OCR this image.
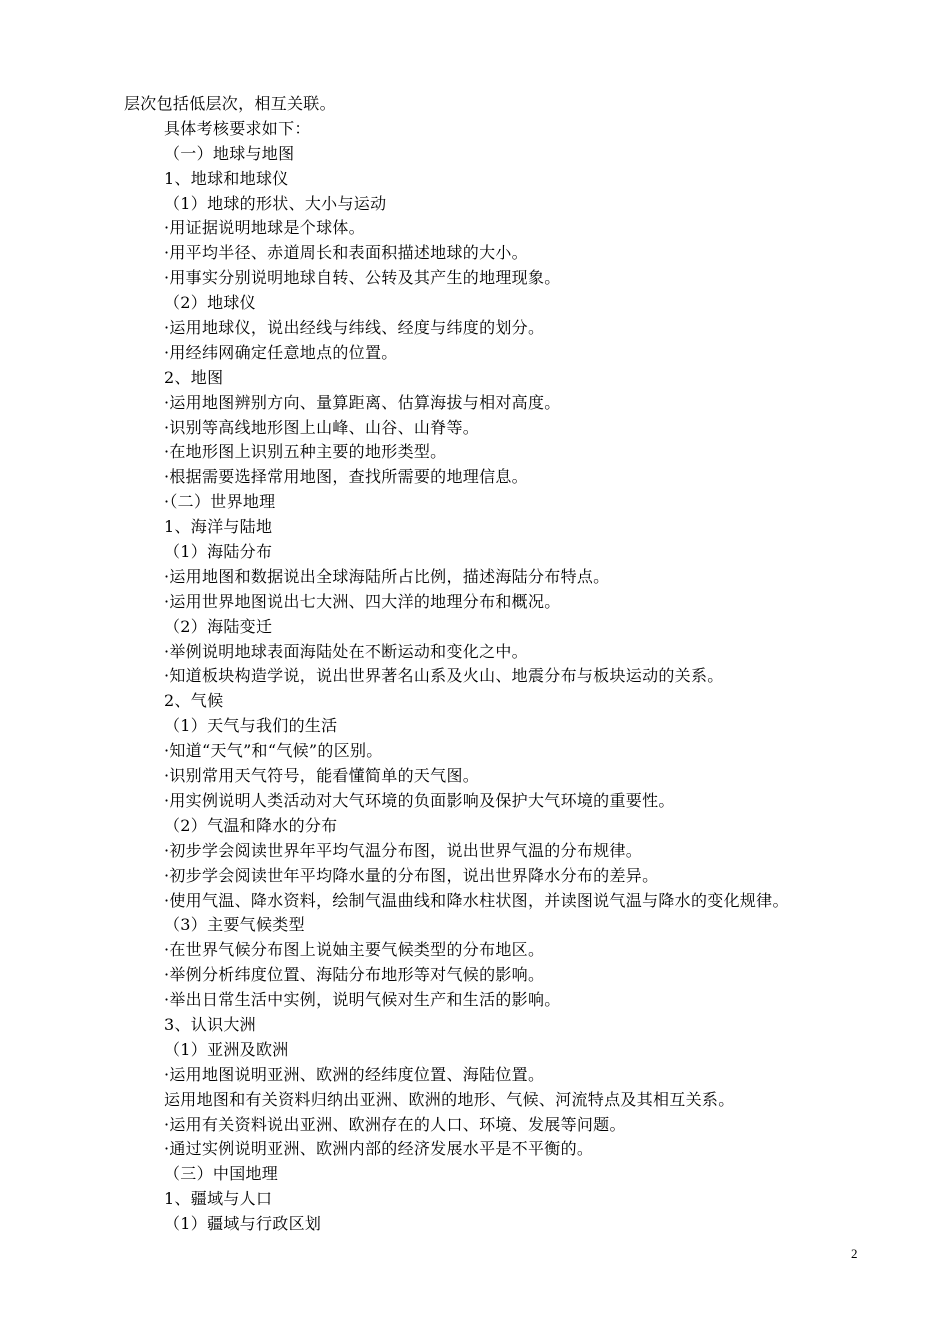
层次包括低层次，相互关联。
具体考核要求如下：
（一）地球与地图
1、地球和地球仪
（1）地球的形状、大小与运动
·用证据说明地球是个球体。
·用平均半径、赤道周长和表面积描述地球的大小。
·用事实分别说明地球自转、公转及其产生的地理现象。
（2）地球仪
·运用地球仪，说出经线与纬线、经度与纬度的划分。
·用经纬网确定任意地点的位置。
2、地图
·运用地图辨别方向、量算距离、估算海拔与相对高度。
·识别等高线地形图上山峰、山谷、山脊等。
·在地形图上识别五种主要的地形类型。
·根据需要选择常用地图，查找所需要的地理信息。
·（二）世界地理
1、海洋与陆地
（1）海陆分布
·运用地图和数据说出全球海陆所占比例，描述海陆分布特点。
·运用世界地图说出七大洲、四大洋的地理分布和概况。
（2）海陆变迁
·举例说明地球表面海陆处在不断运动和变化之中。
·知道板块构造学说，说出世界著名山系及火山、地震分布与板块运动的关系。
2、气候
（1）天气与我们的生活
·知道“天气”和“气候”的区别。
·识别常用天气符号，能看懂简单的天气图。
·用实例说明人类活动对大气环境的负面影响及保护大气环境的重要性。
（2）气温和降水的分布
·初步学会阅读世界年平均气温分布图，说出世界气温的分布规律。
·初步学会阅读世年平均降水量的分布图，说出世界降水分布的差异。
·使用气温、降水资料，绘制气温曲线和降水柱状图，并读图说气温与降水的变化规律。
（3）主要气候类型
·在世界气候分布图上说妯主要气候类型的分布地区。
·举例分析纬度位置、海陆分布地形等对气候的影响。
·举出日常生活中实例，说明气候对生产和生活的影响。
3、认识大洲
（1）亚洲及欧洲
·运用地图说明亚洲、欧洲的经纬度位置、海陆位置。
运用地图和有关资料归纳出亚洲、欧洲的地形、气候、河流特点及其相互关系。
·运用有关资料说出亚洲、欧洲存在的人口、环境、发展等问题。
·通过实例说明亚洲、欧洲内部的经济发展水平是不平衡的。
（三）中国地理
1、疆域与人口
（1）疆域与行政区划
2
